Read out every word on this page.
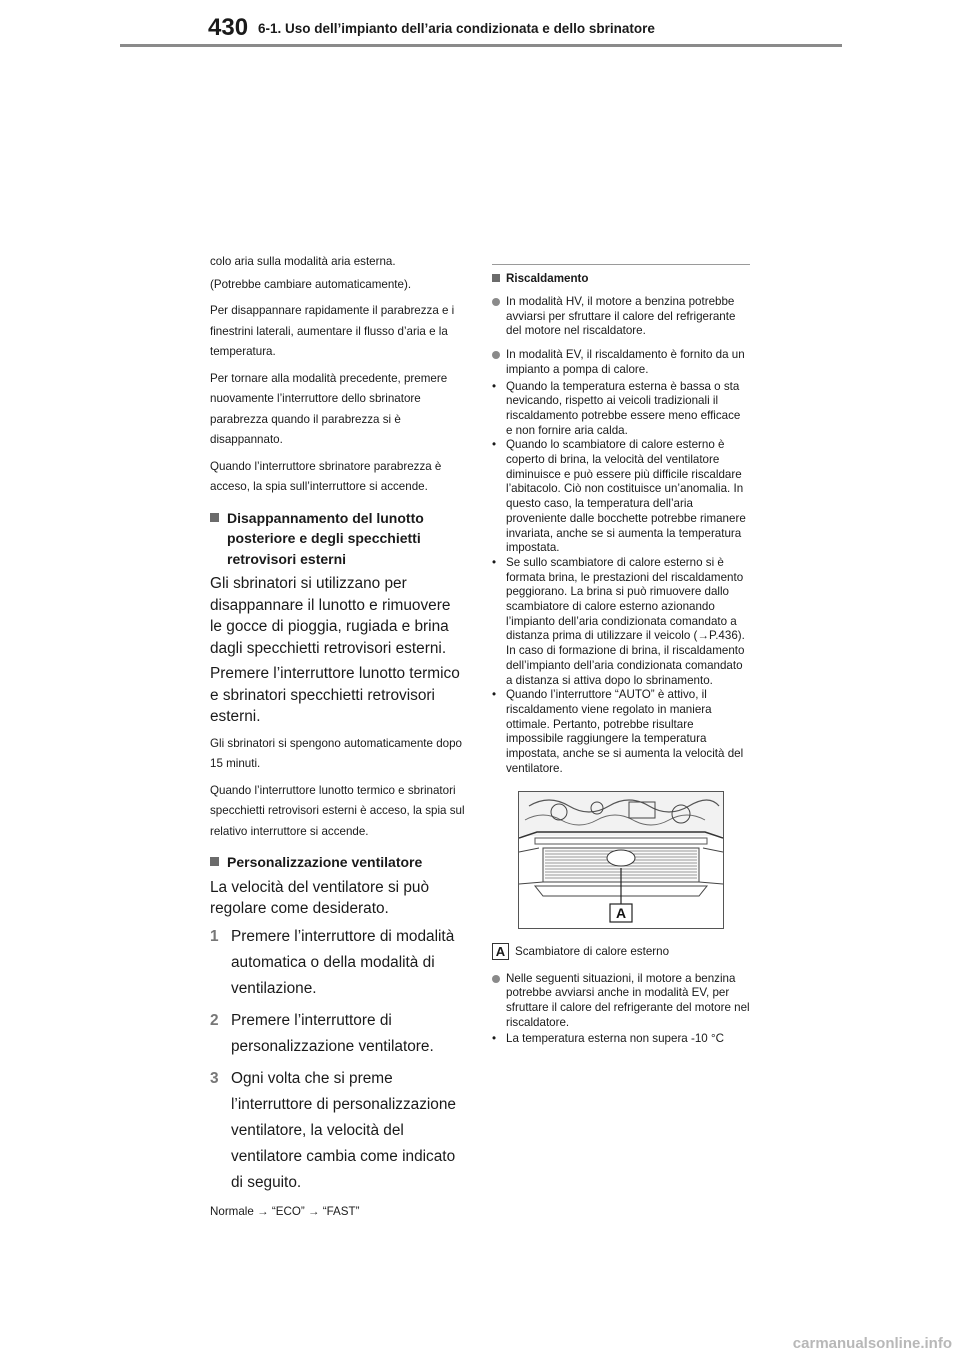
430 6-1. Uso dell’impianto dell’aria condizionata e dello sbrinatore

colo aria sulla modalità aria esterna.

(Potrebbe cambiare automaticamente).

Per disappannare rapidamente il parabrezza e i finestrini laterali, aumentare il flusso d’aria e la temperatura.

Per tornare alla modalità precedente, premere nuovamente l’interruttore dello sbrinatore parabrezza quando il parabrezza si è disappannato.

Quando l’interruttore sbrinatore parabrezza è acceso, la spia sull’interruttore si accende.

Disappannamento del lunotto posteriore e degli specchietti retrovisori esterni

Gli sbrinatori si utilizzano per disappannare il lunotto e rimuovere le gocce di pioggia, rugiada e brina dagli specchietti retrovisori esterni.

Premere l’interruttore lunotto termico e sbrinatori specchietti retrovisori esterni.

Gli sbrinatori si spengono automaticamente dopo 15 minuti.

Quando l’interruttore lunotto termico e sbrinatori specchietti retrovisori esterni è acceso, la spia sul relativo interruttore si accende.

Personalizzazione ventilatore

La velocità del ventilatore si può regolare come desiderato.

1 Premere l’interruttore di modalità automatica o della modalità di ventilazione.
2 Premere l’interruttore di personalizzazione ventilatore.
3 Ogni volta che si preme l’interruttore di personalizzazione ventilatore, la velocità del ventilatore cambia come indicato di seguito.

Normale → “ECO” → “FAST”

Riscaldamento
In modalità HV, il motore a benzina potrebbe avviarsi per sfruttare il calore del refrigerante del motore nel riscaldatore.
In modalità EV, il riscaldamento è fornito da un impianto a pompa di calore.
• Quando la temperatura esterna è bassa o sta nevicando, rispetto ai veicoli tradizionali il riscaldamento potrebbe essere meno efficace e non fornire aria calda.
• Quando lo scambiatore di calore esterno è coperto di brina, la velocità del ventilatore diminuisce e può essere più difficile riscaldare l’abitacolo. Ciò non costituisce un’anomalia. In questo caso, la temperatura dell’aria proveniente dalle bocchette potrebbe rimanere invariata, anche se si aumenta la temperatura impostata.
• Se sullo scambiatore di calore esterno si è formata brina, le prestazioni del riscaldamento peggiorano. La brina si può rimuovere dallo scambiatore di calore esterno azionando l’impianto dell’aria condizionata comandato a distanza prima di utilizzare il veicolo (→P.436). In caso di formazione di brina, il riscaldamento dell’impianto dell’aria condizionata comandato a distanza si attiva dopo lo sbrinamento.
• Quando l’interruttore “AUTO” è attivo, il riscaldamento viene regolato in maniera ottimale. Pertanto, potrebbe risultare impossibile raggiungere la temperatura impostata, anche se si aumenta la velocità del ventilatore.
A
A Scambiatore di calore esterno
Nelle seguenti situazioni, il motore a benzina potrebbe avviarsi anche in modalità EV, per sfruttare il calore del refrigerante del motore nel riscaldatore.
• La temperatura esterna non supera -10 °C
carmanualsonline.info
